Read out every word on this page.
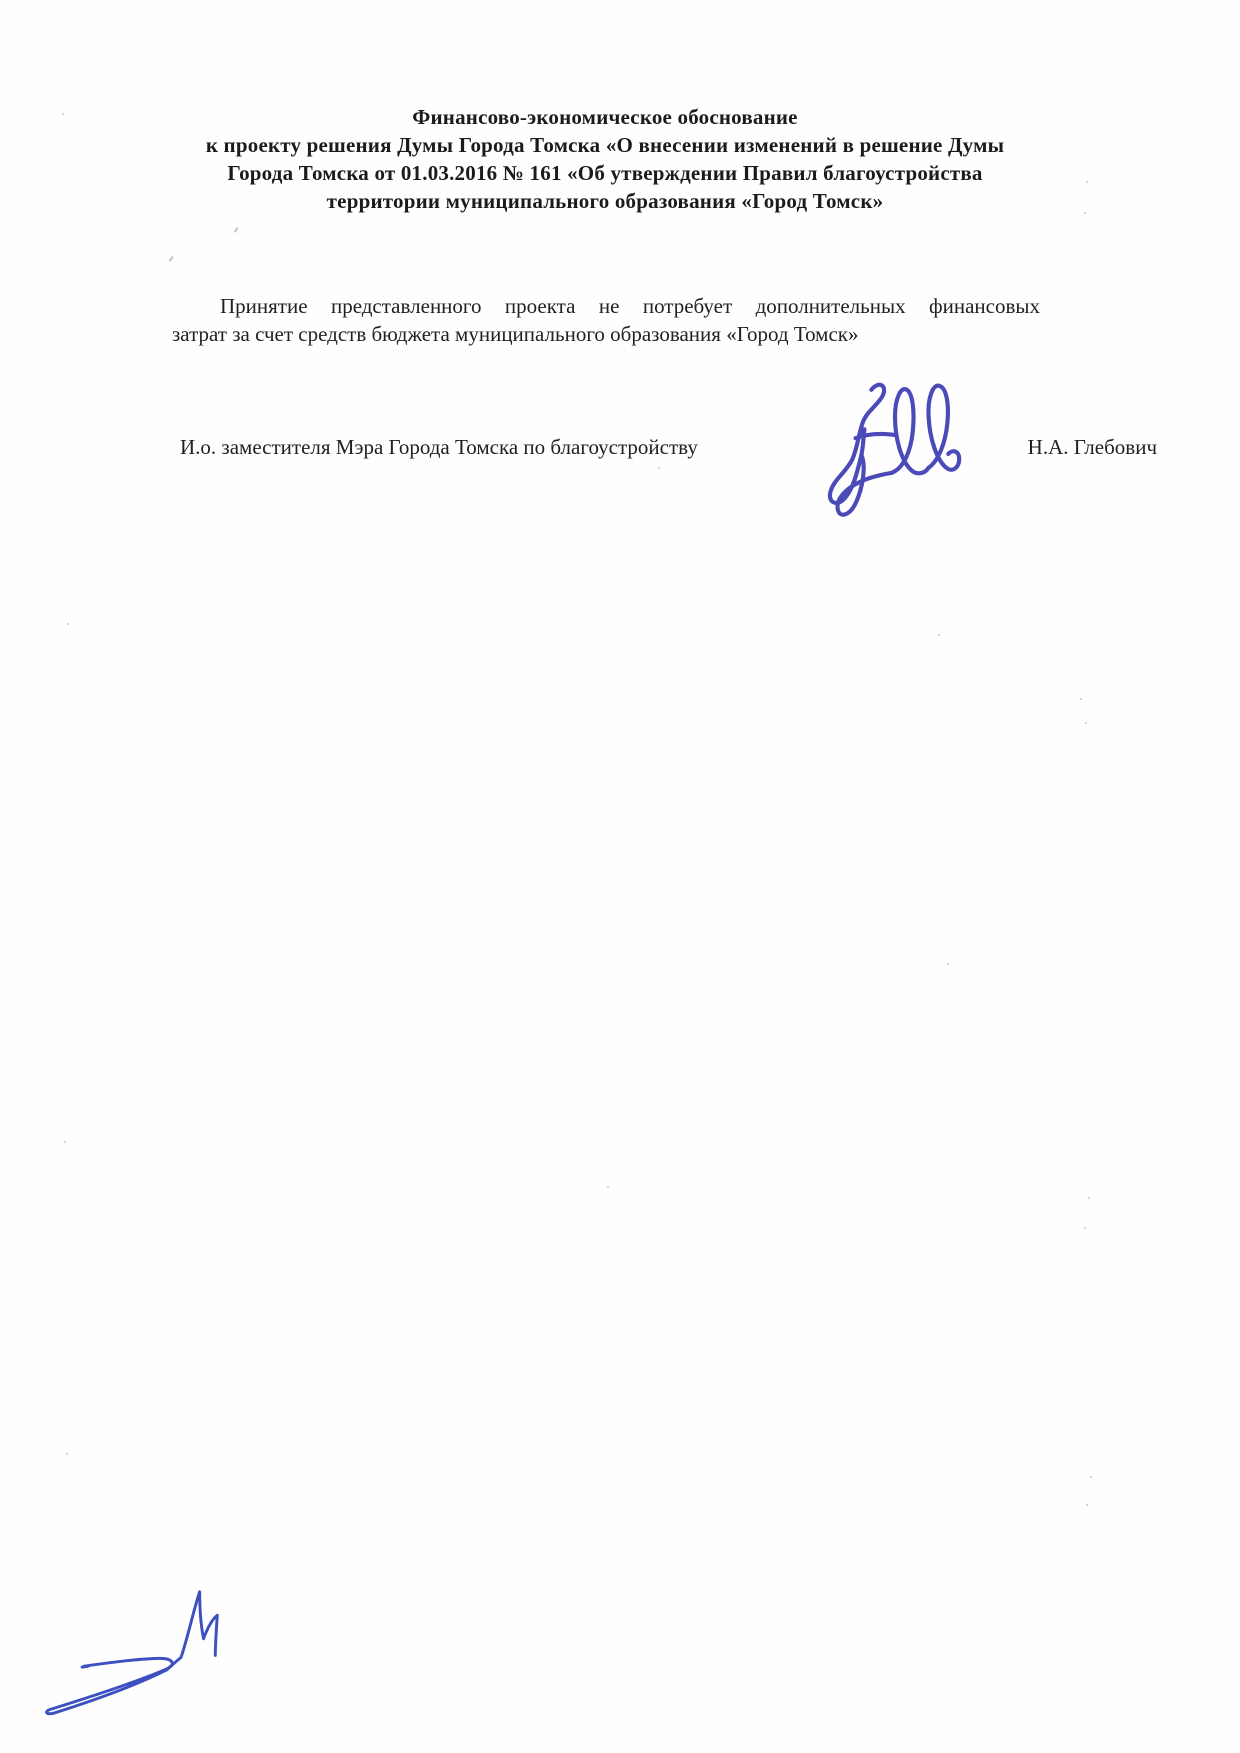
Финансово-экономическое обоснование
к проекту решения Думы Города Томска «О внесении изменений в решение Думы
Города Томска от 01.03.2016 № 161 «Об утверждении Правил благоустройства
территории муниципального образования «Город Томск»
Принятие представленного проекта не потребует дополнительных финансовых
затрат за счет средств бюджета муниципального образования «Город Томск»
И.о. заместителя Мэра Города Томска по благоустройству	Н.А. Глебович
